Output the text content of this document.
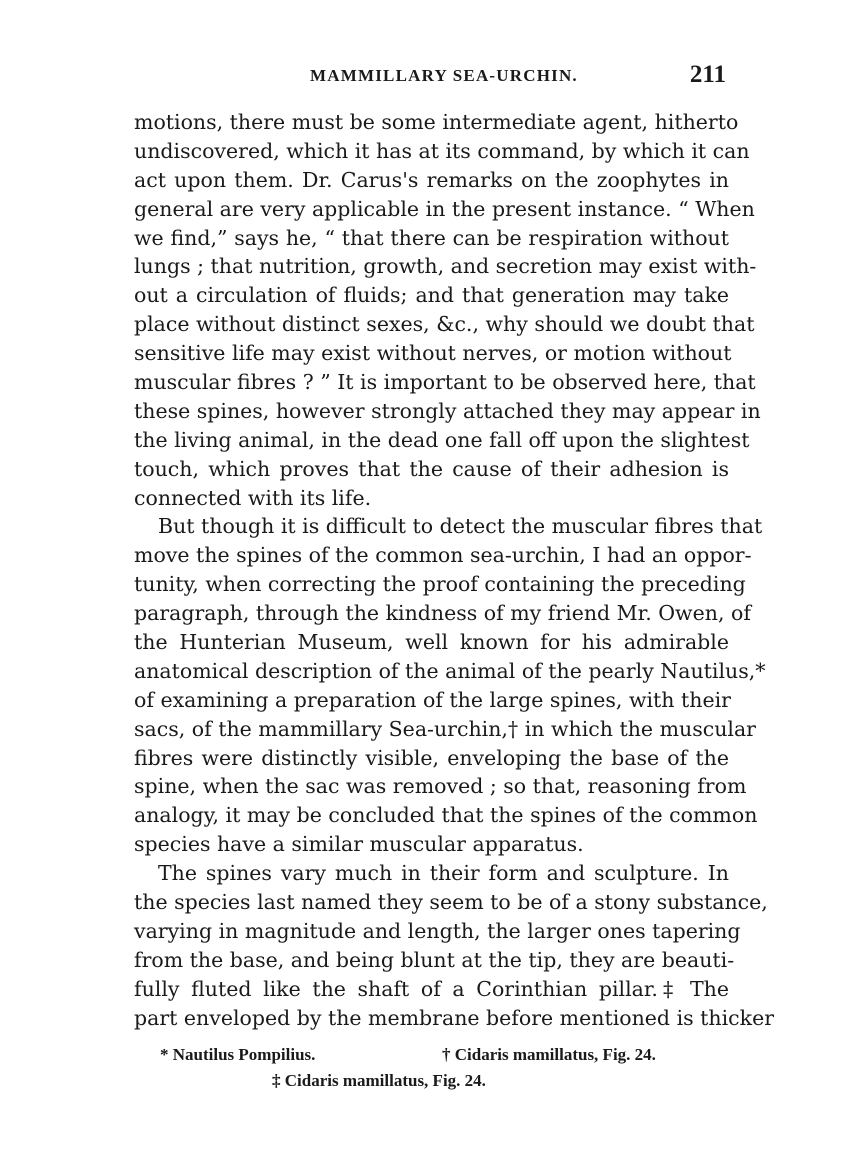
MAMMILLARY SEA-URCHIN.	211
motions, there must be some intermediate agent, hitherto
undiscovered, which it has at its command, by which it can
act upon them. Dr. Carus's remarks on the zoophytes in
general are very applicable in the present instance. “ When
we find,” says he, “ that there can be respiration without
lungs ; that nutrition, growth, and secretion may exist with-
out a circulation of fluids; and that generation may take
place without distinct sexes, &c., why should we doubt that
sensitive life may exist without nerves, or motion without
muscular fibres ? ” It is important to be observed here, that
these spines, however strongly attached they may appear in
the living animal, in the dead one fall off upon the slightest
touch, which proves that the cause of their adhesion is
connected with its life.
But though it is difficult to detect the muscular fibres that
move the spines of the common sea-urchin, I had an oppor-
tunity, when correcting the proof containing the preceding
paragraph, through the kindness of my friend Mr. Owen, of
the Hunterian Museum, well known for his admirable
anatomical description of the animal of the pearly Nautilus,*
of examining a preparation of the large spines, with their
sacs, of the mammillary Sea-urchin,† in which the muscular
fibres were distinctly visible, enveloping the base of the
spine, when the sac was removed ; so that, reasoning from
analogy, it may be concluded that the spines of the common
species have a similar muscular apparatus.
The spines vary much in their form and sculpture. In
the species last named they seem to be of a stony substance,
varying in magnitude and length, the larger ones tapering
from the base, and being blunt at the tip, they are beauti-
fully fluted like the shaft of a Corinthian pillar.‡ The
part enveloped by the membrane before mentioned is thicker
* Nautilus Pompilius.	† Cidaris mamillatus, Fig. 24.
‡ Cidaris mamillatus, Fig. 24.
